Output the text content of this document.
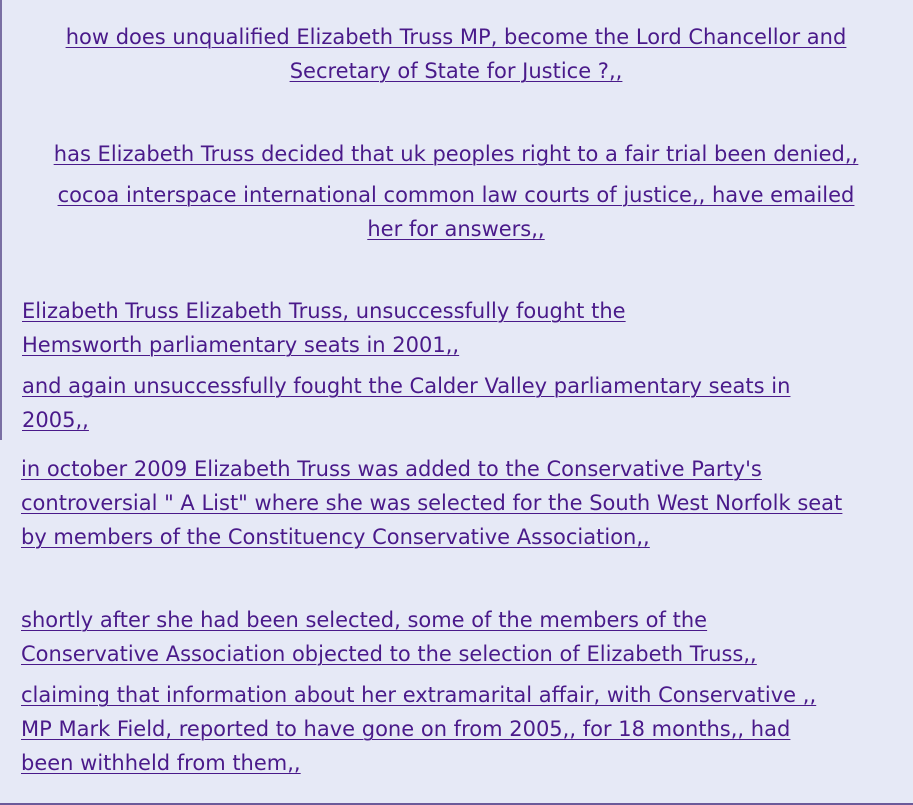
how does unqualified Elizabeth Truss MP, become the Lord Chancellor and
Secretary of State for Justice ?,,

has Elizabeth Truss decided that uk peoples right to a fair trial been denied,,

cocoa interspace international common law courts of justice,, have emailed
her for answers,,

Elizabeth Truss Elizabeth Truss, unsuccessfully fought the
Hemsworth parliamentary seats in 2001,,

and again unsuccessfully fought the Calder Valley parliamentary seats in
2005,,

in october 2009 Elizabeth Truss was added to the Conservative Party's
controversial " A List" where she was selected for the South West Norfolk seat
by members of the Constituency Conservative Association,,

shortly after she had been selected, some of the members of the
Conservative Association objected to the selection of Elizabeth Truss,,

claiming that information about her extramarital affair, with Conservative ,,
MP Mark Field, reported to have gone on from 2005,, for 18 months,, had
been withheld from them,,
